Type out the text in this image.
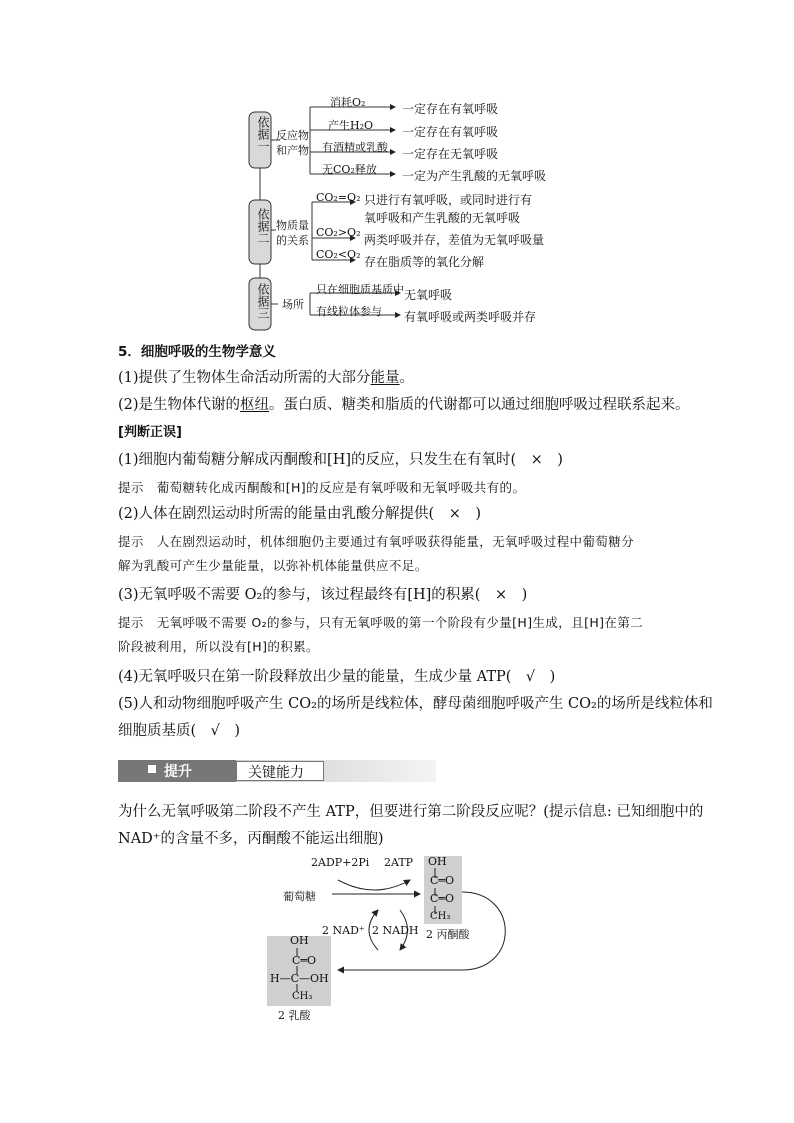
依据一
依据二
依据三
反应物
和产物
消耗O₂
产生H₂O
有酒精或乳酸
无CO₂释放
一定存在有氧呼吸
一定存在有氧呼吸
一定存在无氧呼吸
一定为产生乳酸的无氧呼吸
物质量
的关系
CO₂=O₂
CO₂>O₂
CO₂<O₂
只进行有氧呼吸，或同时进行有
氧呼吸和产生乳酸的无氧呼吸
两类呼吸并存，差值为无氧呼吸量
存在脂质等的氧化分解
场所
只在细胞质基质中
有线粒体参与
无氧呼吸
有氧呼吸或两类呼吸并存
5．细胞呼吸的生物学意义
(1)提供了生物体生命活动所需的大部分能量。
(2)是生物体代谢的枢纽。蛋白质、糖类和脂质的代谢都可以通过细胞呼吸过程联系起来。
[判断正误]
(1)细胞内葡萄糖分解成丙酮酸和[H]的反应，只发生在有氧时(　×　)
提示　葡萄糖转化成丙酮酸和[H]的反应是有氧呼吸和无氧呼吸共有的。
(2)人体在剧烈运动时所需的能量由乳酸分解提供(　×　)
提示　人在剧烈运动时，机体细胞仍主要通过有氧呼吸获得能量，无氧呼吸过程中葡萄糖分
解为乳酸可产生少量能量，以弥补机体能量供应不足。
(3)无氧呼吸不需要 O₂的参与，该过程最终有[H]的积累(　×　)
提示　无氧呼吸不需要 O₂的参与，只有无氧呼吸的第一个阶段有少量[H]生成，且[H]在第二
阶段被利用，所以没有[H]的积累。
(4)无氧呼吸只在第一阶段释放出少量的能量，生成少量 ATP(　√　)
(5)人和动物细胞呼吸产生 CO₂的场所是线粒体，酵母菌细胞呼吸产生 CO₂的场所是线粒体和
细胞质基质(　√　)
提升	关键能力
为什么无氧呼吸第二阶段不产生 ATP，但要进行第二阶段反应呢？(提示信息: 已知细胞中的
NAD⁺的含量不多，丙酮酸不能运出细胞)
2ADP+2Pi 2ATP
葡萄糖
2 NAD⁺ 2 NADH 2 丙酮酸
2 乳酸
OH
C═O
C═O
CH₃
OH
C═O
H—C—OH
CH₃
